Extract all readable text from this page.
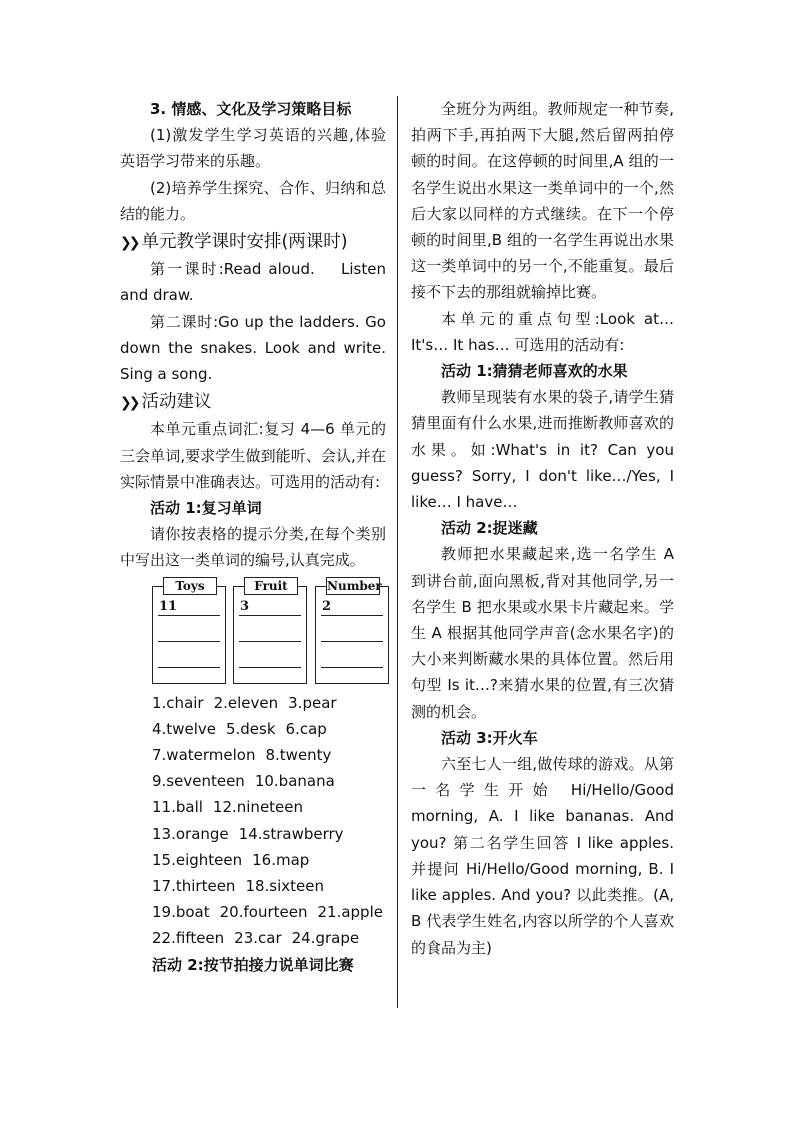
3. 情感、文化及学习策略目标

(1)激发学生学习英语的兴趣,体验英语学习带来的乐趣。

(2)培养学生探究、合作、归纳和总结的能力。

❯❯ 单元教学课时安排(两课时)

第一课时:Read aloud.　 Listen and draw.

第二课时:Go up the ladders. Go down the snakes. Look and write. Sing a song.

❯❯ 活动建议

本单元重点词汇:复习 4—6 单元的三会单词,要求学生做到能听、会认,并在实际情景中准确表达。可选用的活动有:

活动 1:复习单词

请你按表格的提示分类,在每个类别中写出这一类单词的编号,认真完成。

Toys
11
Fruit
3
Number
2

1.chair 2.eleven 3.pear

4.twelve 5.desk 6.cap

7.watermelon 8.twenty

9.seventeen 10.banana

11.ball 12.nineteen

13.orange 14.strawberry

15.eighteen 16.map

17.thirteen 18.sixteen

19.boat 20.fourteen 21.apple

22.fifteen 23.car 24.grape

活动 2:按节拍接力说单词比赛

全班分为两组。教师规定一种节奏,拍两下手,再拍两下大腿,然后留两拍停顿的时间。在这停顿的时间里,A 组的一名学生说出水果这一类单词中的一个,然后大家以同样的方式继续。在下一个停顿的时间里,B 组的一名学生再说出水果这一类单词中的另一个,不能重复。最后接不下去的那组就输掉比赛。

本单元的重点句型:Look at… It's… It has… 可选用的活动有:

活动 1:猜猜老师喜欢的水果

教师呈现装有水果的袋子,请学生猜猜里面有什么水果,进而推断教师喜欢的水果。如:What's in it? Can you guess? Sorry, I don't like…/Yes, I like… I have…

活动 2:捉迷藏

教师把水果藏起来,选一名学生 A 到讲台前,面向黑板,背对其他同学,另一名学生 B 把水果或水果卡片藏起来。学生 A 根据其他同学声音(念水果名字)的大小来判断藏水果的具体位置。然后用句型 Is it…?来猜水果的位置,有三次猜测的机会。

活动 3:开火车

六至七人一组,做传球的游戏。从第一名学生开始 Hi/Hello/Good morning, A. I like bananas. And you? 第二名学生回答 I like apples. 并提问 Hi/Hello/Good morning, B. I like apples. And you? 以此类推。(A, B 代表学生姓名,内容以所学的个人喜欢的食品为主)
